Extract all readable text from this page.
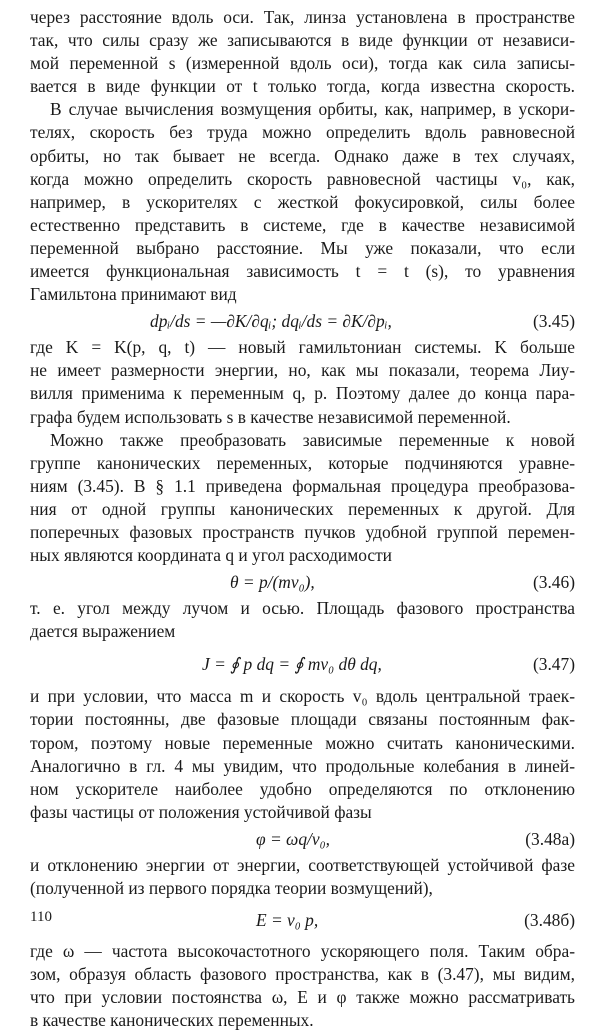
через расстояние вдоль оси. Так, линза установлена в пространстве
так, что силы сразу же записываются в виде функции от независи-
мой переменной s (измеренной вдоль оси), тогда как сила записы-
вается в виде функции от t только тогда, когда известна скорость.
В случае вычисления возмущения орбиты, как, например, в ускори-
телях, скорость без труда можно определить вдоль равновесной
орбиты, но так бывает не всегда. Однако даже в тех случаях,
когда можно определить скорость равновесной частицы v₀, как,
например, в ускорителях с жесткой фокусировкой, силы более
естественно представить в системе, где в качестве независимой
переменной выбрано расстояние. Мы уже показали, что если
имеется функциональная зависимость t = t (s), то уравнения
Гамильтона принимают вид

dpᵢ/ds = —∂K/∂qᵢ; dqᵢ/ds = ∂K/∂pᵢ,	(3.45)

где K = K(p, q, t) — новый гамильтониан системы. K больше
не имеет размерности энергии, но, как мы показали, теорема Лиу-
вилля применима к переменным q, p. Поэтому далее до конца пара-
графа будем использовать s в качестве независимой переменной.

Можно также преобразовать зависимые переменные к новой
группе канонических переменных, которые подчиняются уравне-
ниям (3.45). В § 1.1 приведена формальная процедура преобразова-
ния от одной группы канонических переменных к другой. Для
поперечных фазовых пространств пучков удобной группой перемен-
ных являются координата q и угол расходимости

θ = p/(mv₀),	(3.46)

т. е. угол между лучом и осью. Площадь фазового пространства
дается выражением

J = ∮ p dq = ∮ mv₀ dθ dq,	(3.47)

и при условии, что масса m и скорость v₀ вдоль центральной траек-
тории постоянны, две фазовые площади связаны постоянным фак-
тором, поэтому новые переменные можно считать каноническими.
Аналогично в гл. 4 мы увидим, что продольные колебания в линей-
ном ускорителе наиболее удобно определяются по отклонению
фазы частицы от положения устойчивой фазы

φ = ωq/v₀,	(3.48а)

и отклонению энергии от энергии, соответствующей устойчивой фазе
(полученной из первого порядка теории возмущений),

E = v₀ p,	(3.48б)

где ω — частота высокочастотного ускоряющего поля. Таким обра-
зом, образуя область фазового пространства, как в (3.47), мы видим,
что при условии постоянства ω, E и φ также можно рассматривать
в качестве канонических переменных.

110
